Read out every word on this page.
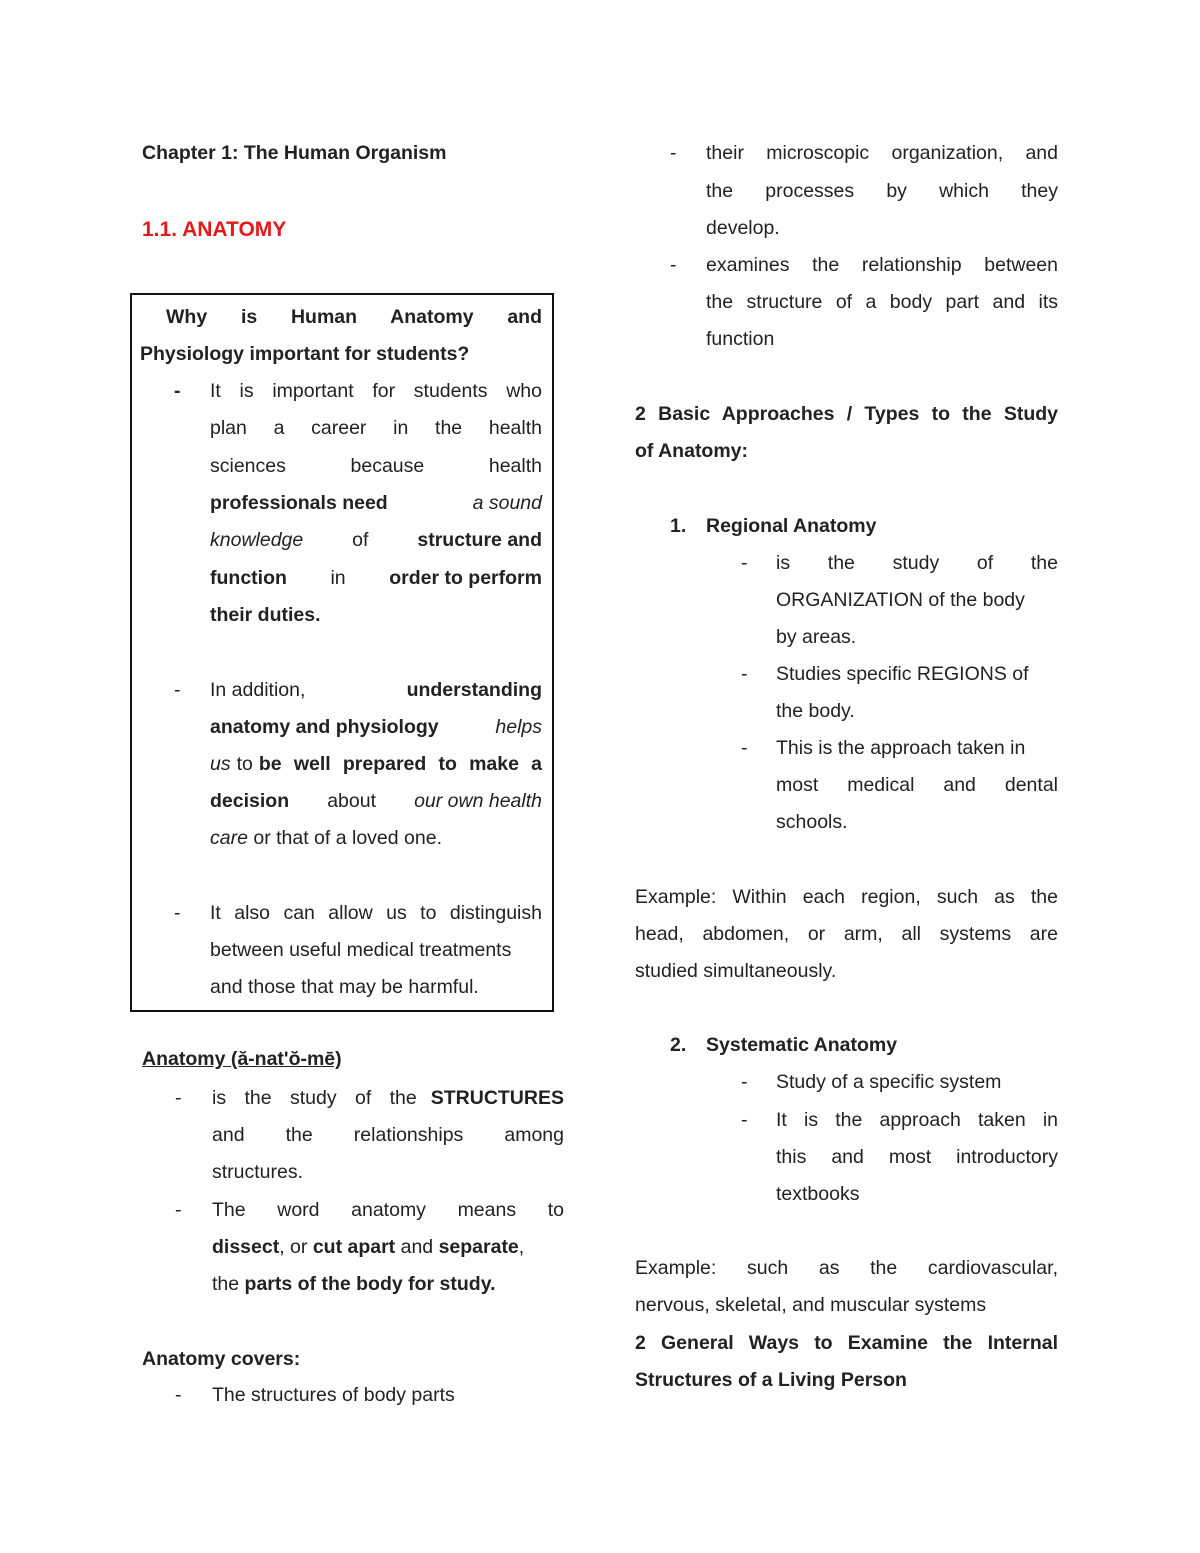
Chapter 1: The Human Organism
1.1. ANATOMY
Why is Human Anatomy and
Physiology important for students?
- It is important for students who
plan a career in the health
sciences because health
professionals need	a sound
knowledge	of	structure and
function in order to perform
their duties.
- In addition,	understanding
anatomy and physiology	helps
us to be well prepared to make a
decision about our own health
care or that of a loved one.
- It also can allow us to distinguish
between useful medical treatments
and those that may be harmful.
Anatomy (ă-natʹŏ-mē)
- is the study of the STRUCTURES
and the relationships among
structures.
- The word anatomy means to
dissect, or cut apart and separate,
the parts of the body for study.
Anatomy covers:
- The structures of body parts
- their microscopic organization, and
the processes by which they
develop.
- examines the relationship between
the structure of a body part and its
function
2 Basic Approaches / Types to the Study
of Anatomy:
1. Regional Anatomy
- is the study of the
ORGANIZATION of the body
by areas.
- Studies specific REGIONS of
the body.
- This is the approach taken in
most medical and dental
schools.
Example: Within each region, such as the
head, abdomen, or arm, all systems are
studied simultaneously.
2. Systematic Anatomy
- Study of a specific system
- It is the approach taken in
this and most introductory
textbooks
Example: such as the cardiovascular,
nervous, skeletal, and muscular systems
2 General Ways to Examine the Internal
Structures of a Living Person
